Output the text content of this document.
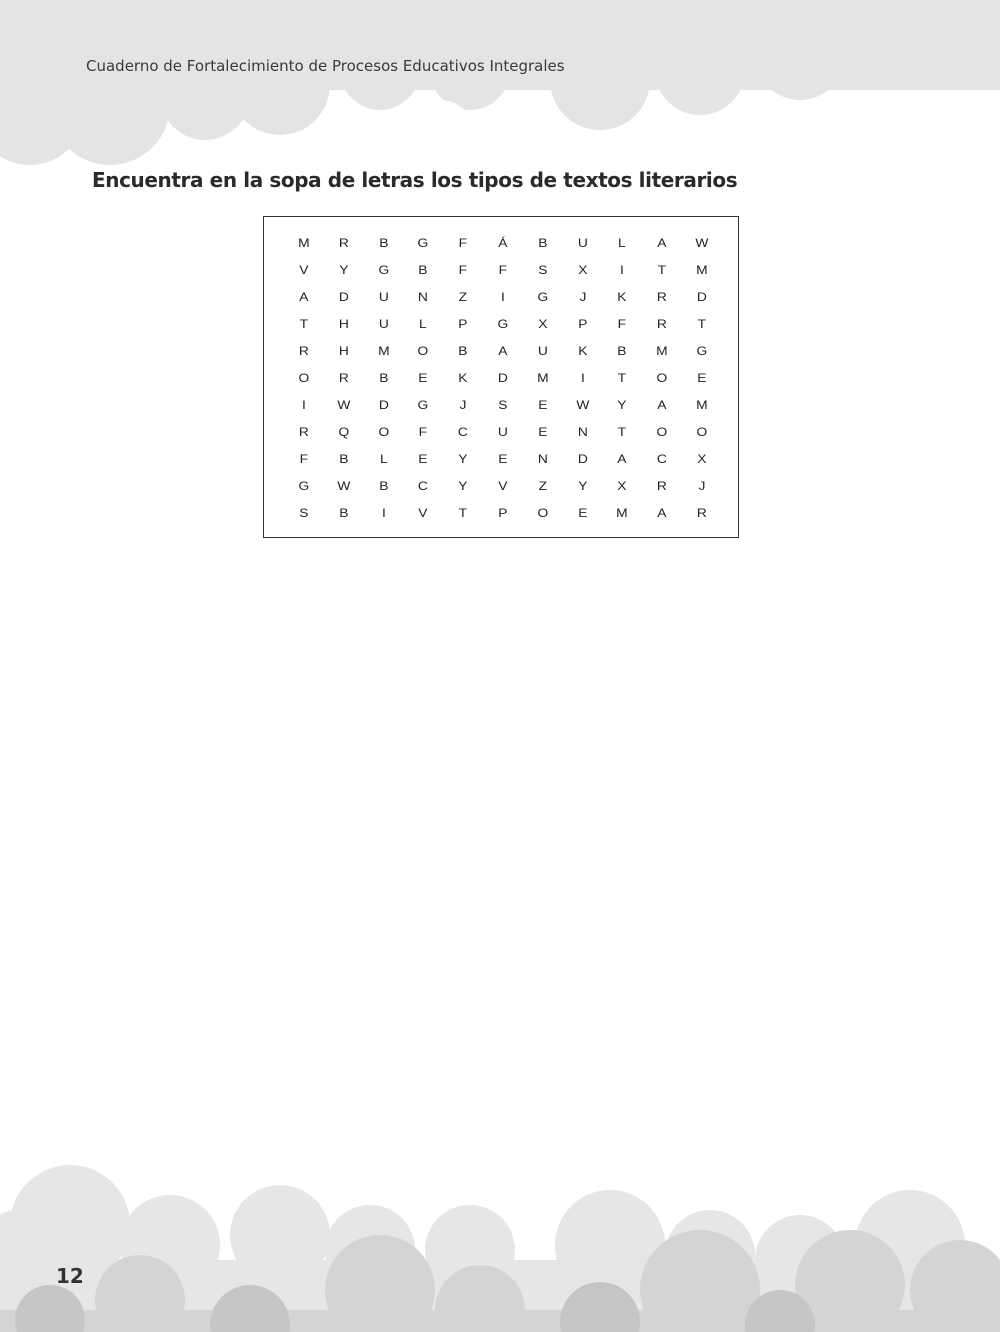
Cuaderno de Fortalecimiento de Procesos Educativos Integrales
Encuentra en la sopa de letras los tipos de textos literarios
M	R	B	G	F	Á	B	U	L	A	W
V	Y	G	B	F	F	S	X	I	T	M
A	D	U	N	Z	I	G	J	K	R	D
T	H	U	L	P	G	X	P	F	R	T
R	H	M	O	B	A	U	K	B	M	G
O	R	B	E	K	D	M	I	T	O	E
I	W	D	G	J	S	E	W	Y	A	M
R	Q	O	F	C	U	E	N	T	O	O
F	B	L	E	Y	E	N	D	A	C	X
G	W	B	C	Y	V	Z	Y	X	R	J
S	B	I	V	T	P	O	E	M	A	R
12
